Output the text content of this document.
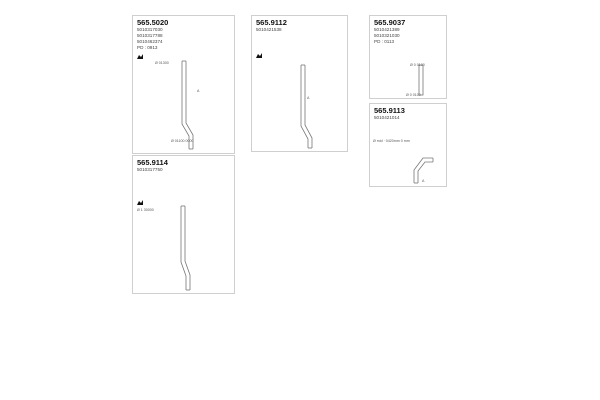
565.5020
5010317030
5010317788
5010462374
PD : 0913
Ø 01300
A
Ø 01100 0000
565.9112
5010421538
A
565.9037
5010421389
5010321030
PD : 0113
Ø 0 0100
Ø 0 0100
565.9113
5010421014
Ø mid · 0420mm 0 mm
A
565.9114
5010317750
Ø 1 30000
